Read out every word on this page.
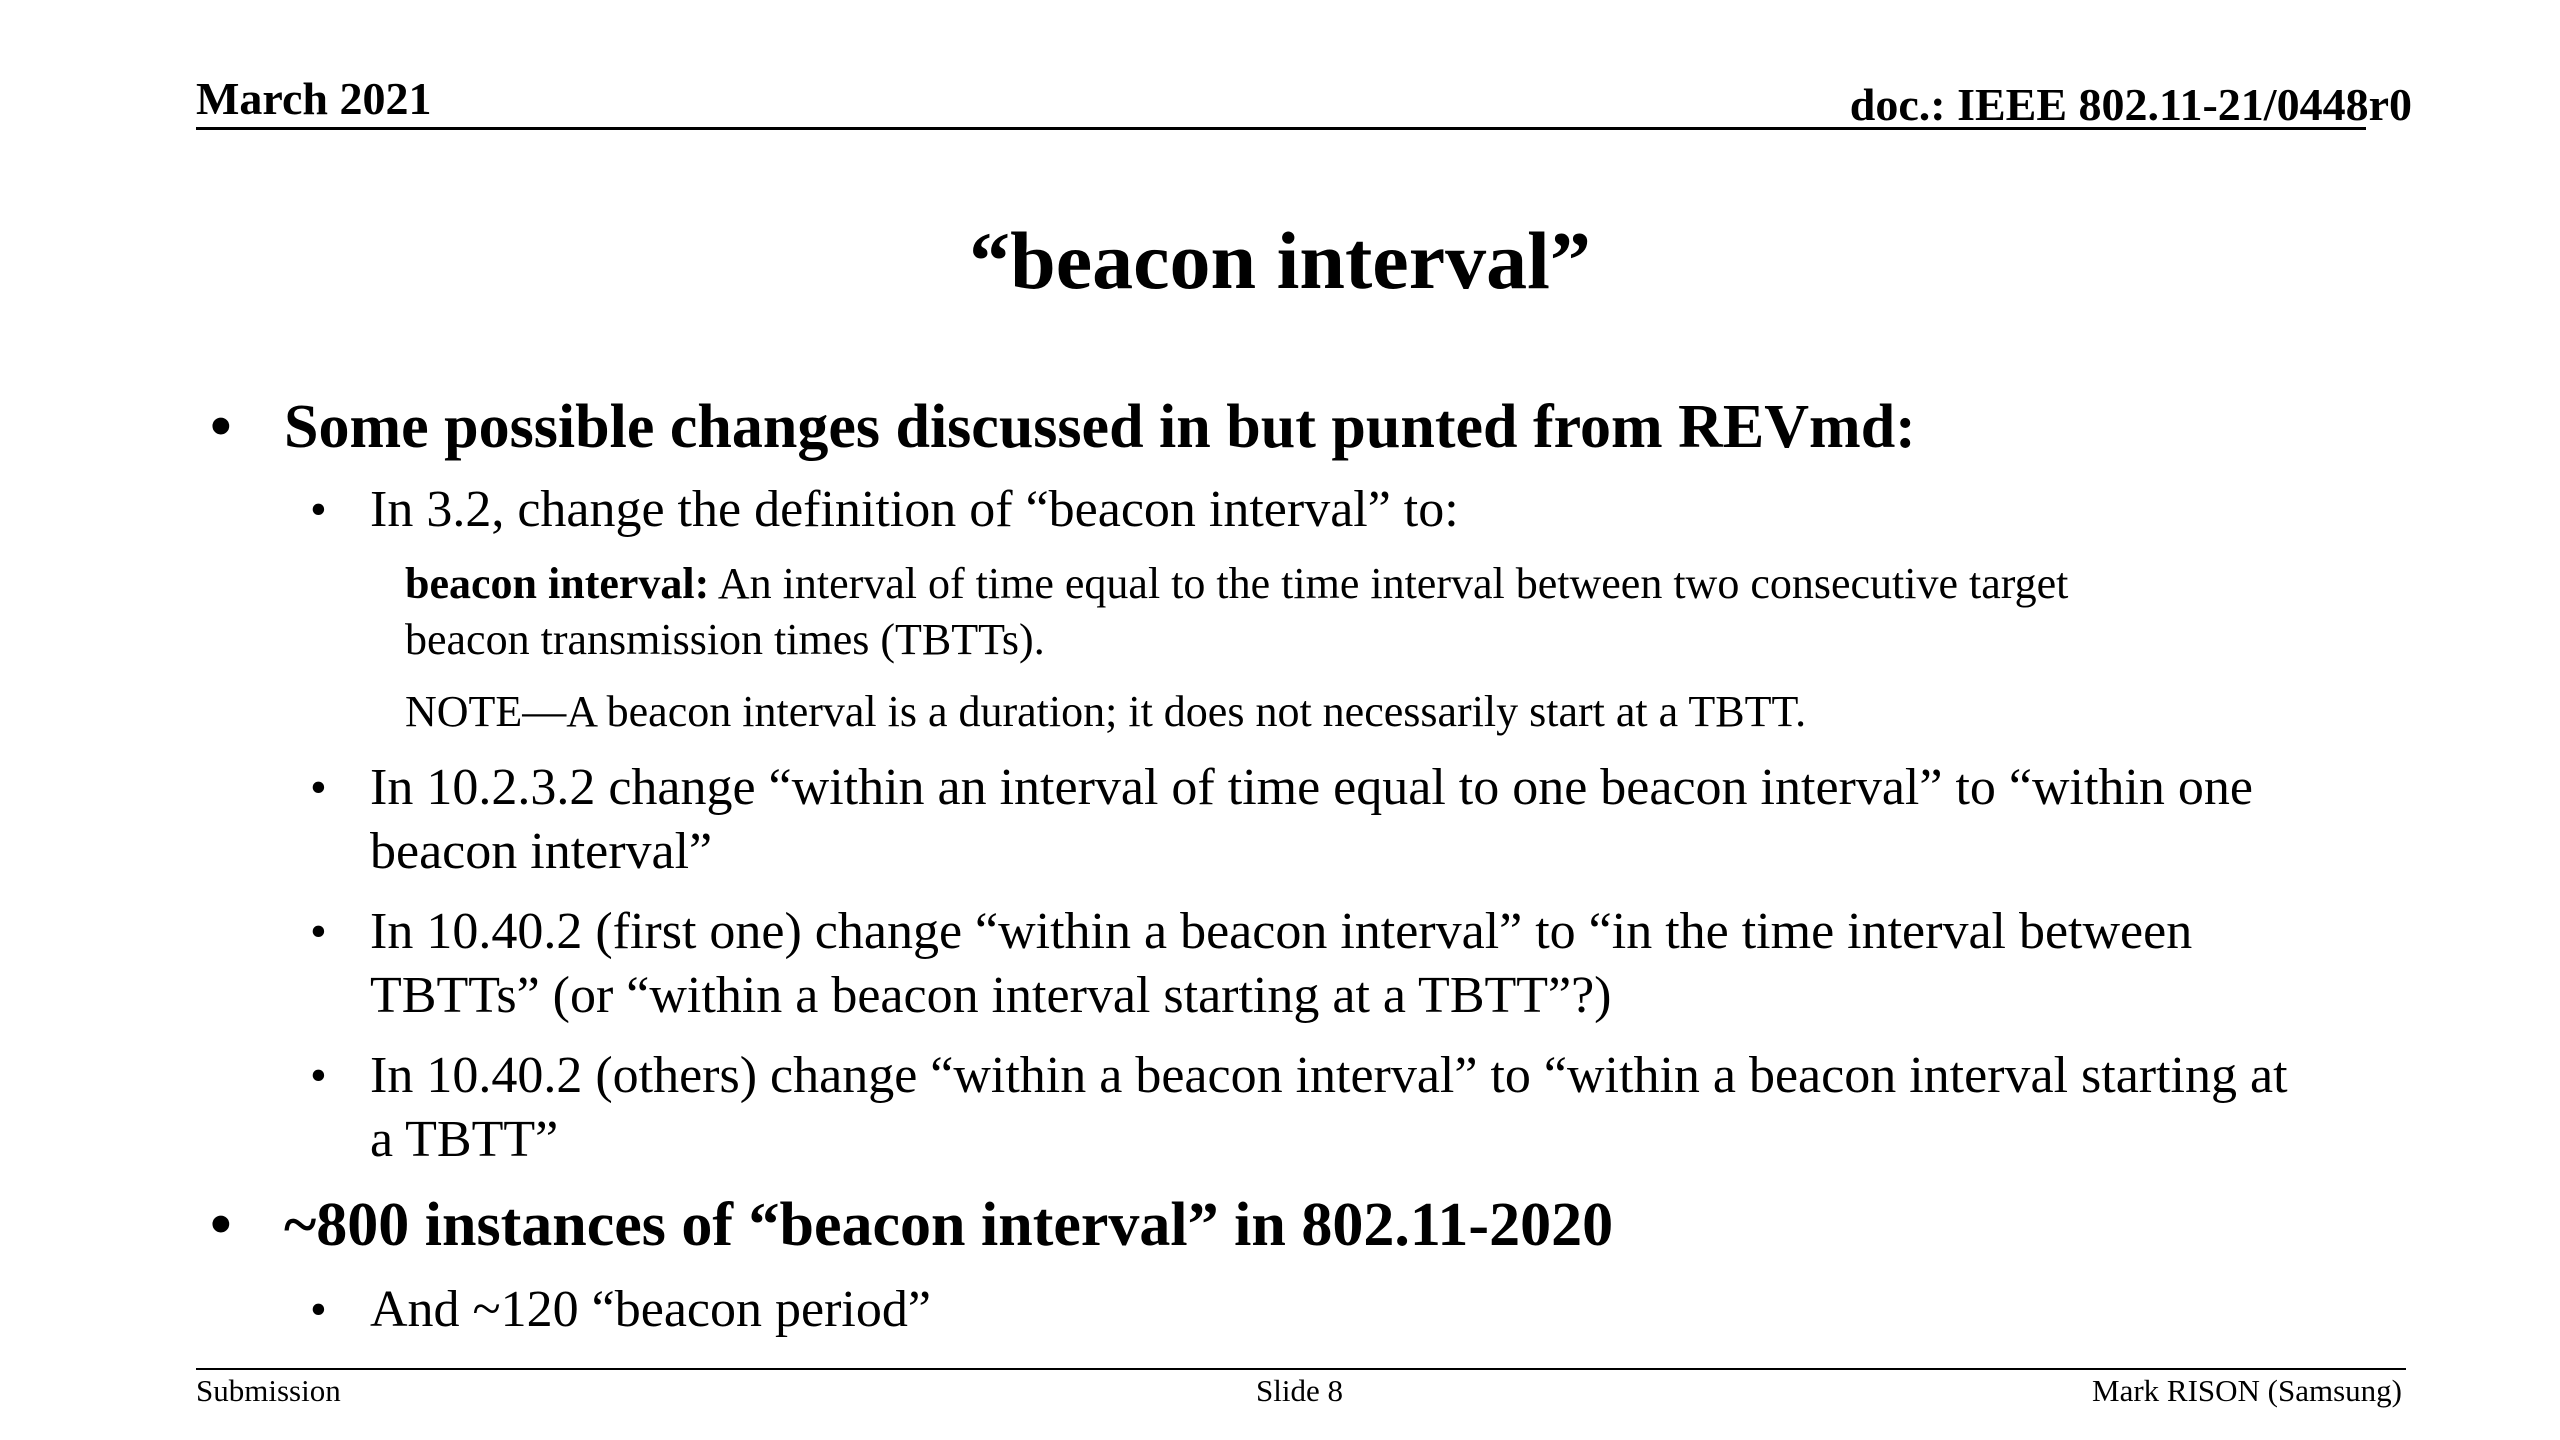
March 2021	doc.: IEEE 802.11-21/0448r0
“beacon interval”
• Some possible changes discussed in but punted from REVmd:
• In 3.2, change the definition of “beacon interval” to:
beacon interval: An interval of time equal to the time interval between two consecutive target
beacon transmission times (TBTTs).
NOTE—A beacon interval is a duration; it does not necessarily start at a TBTT.
• In 10.2.3.2 change “within an interval of time equal to one beacon interval” to “within one
beacon interval”
• In 10.40.2 (first one) change “within a beacon interval” to “in the time interval between
TBTTs” (or “within a beacon interval starting at a TBTT”?)
• In 10.40.2 (others) change “within a beacon interval” to “within a beacon interval starting at
a TBTT”
• ~800 instances of “beacon interval” in 802.11-2020
• And ~120 “beacon period”
Submission	Slide 8	Mark RISON (Samsung)
